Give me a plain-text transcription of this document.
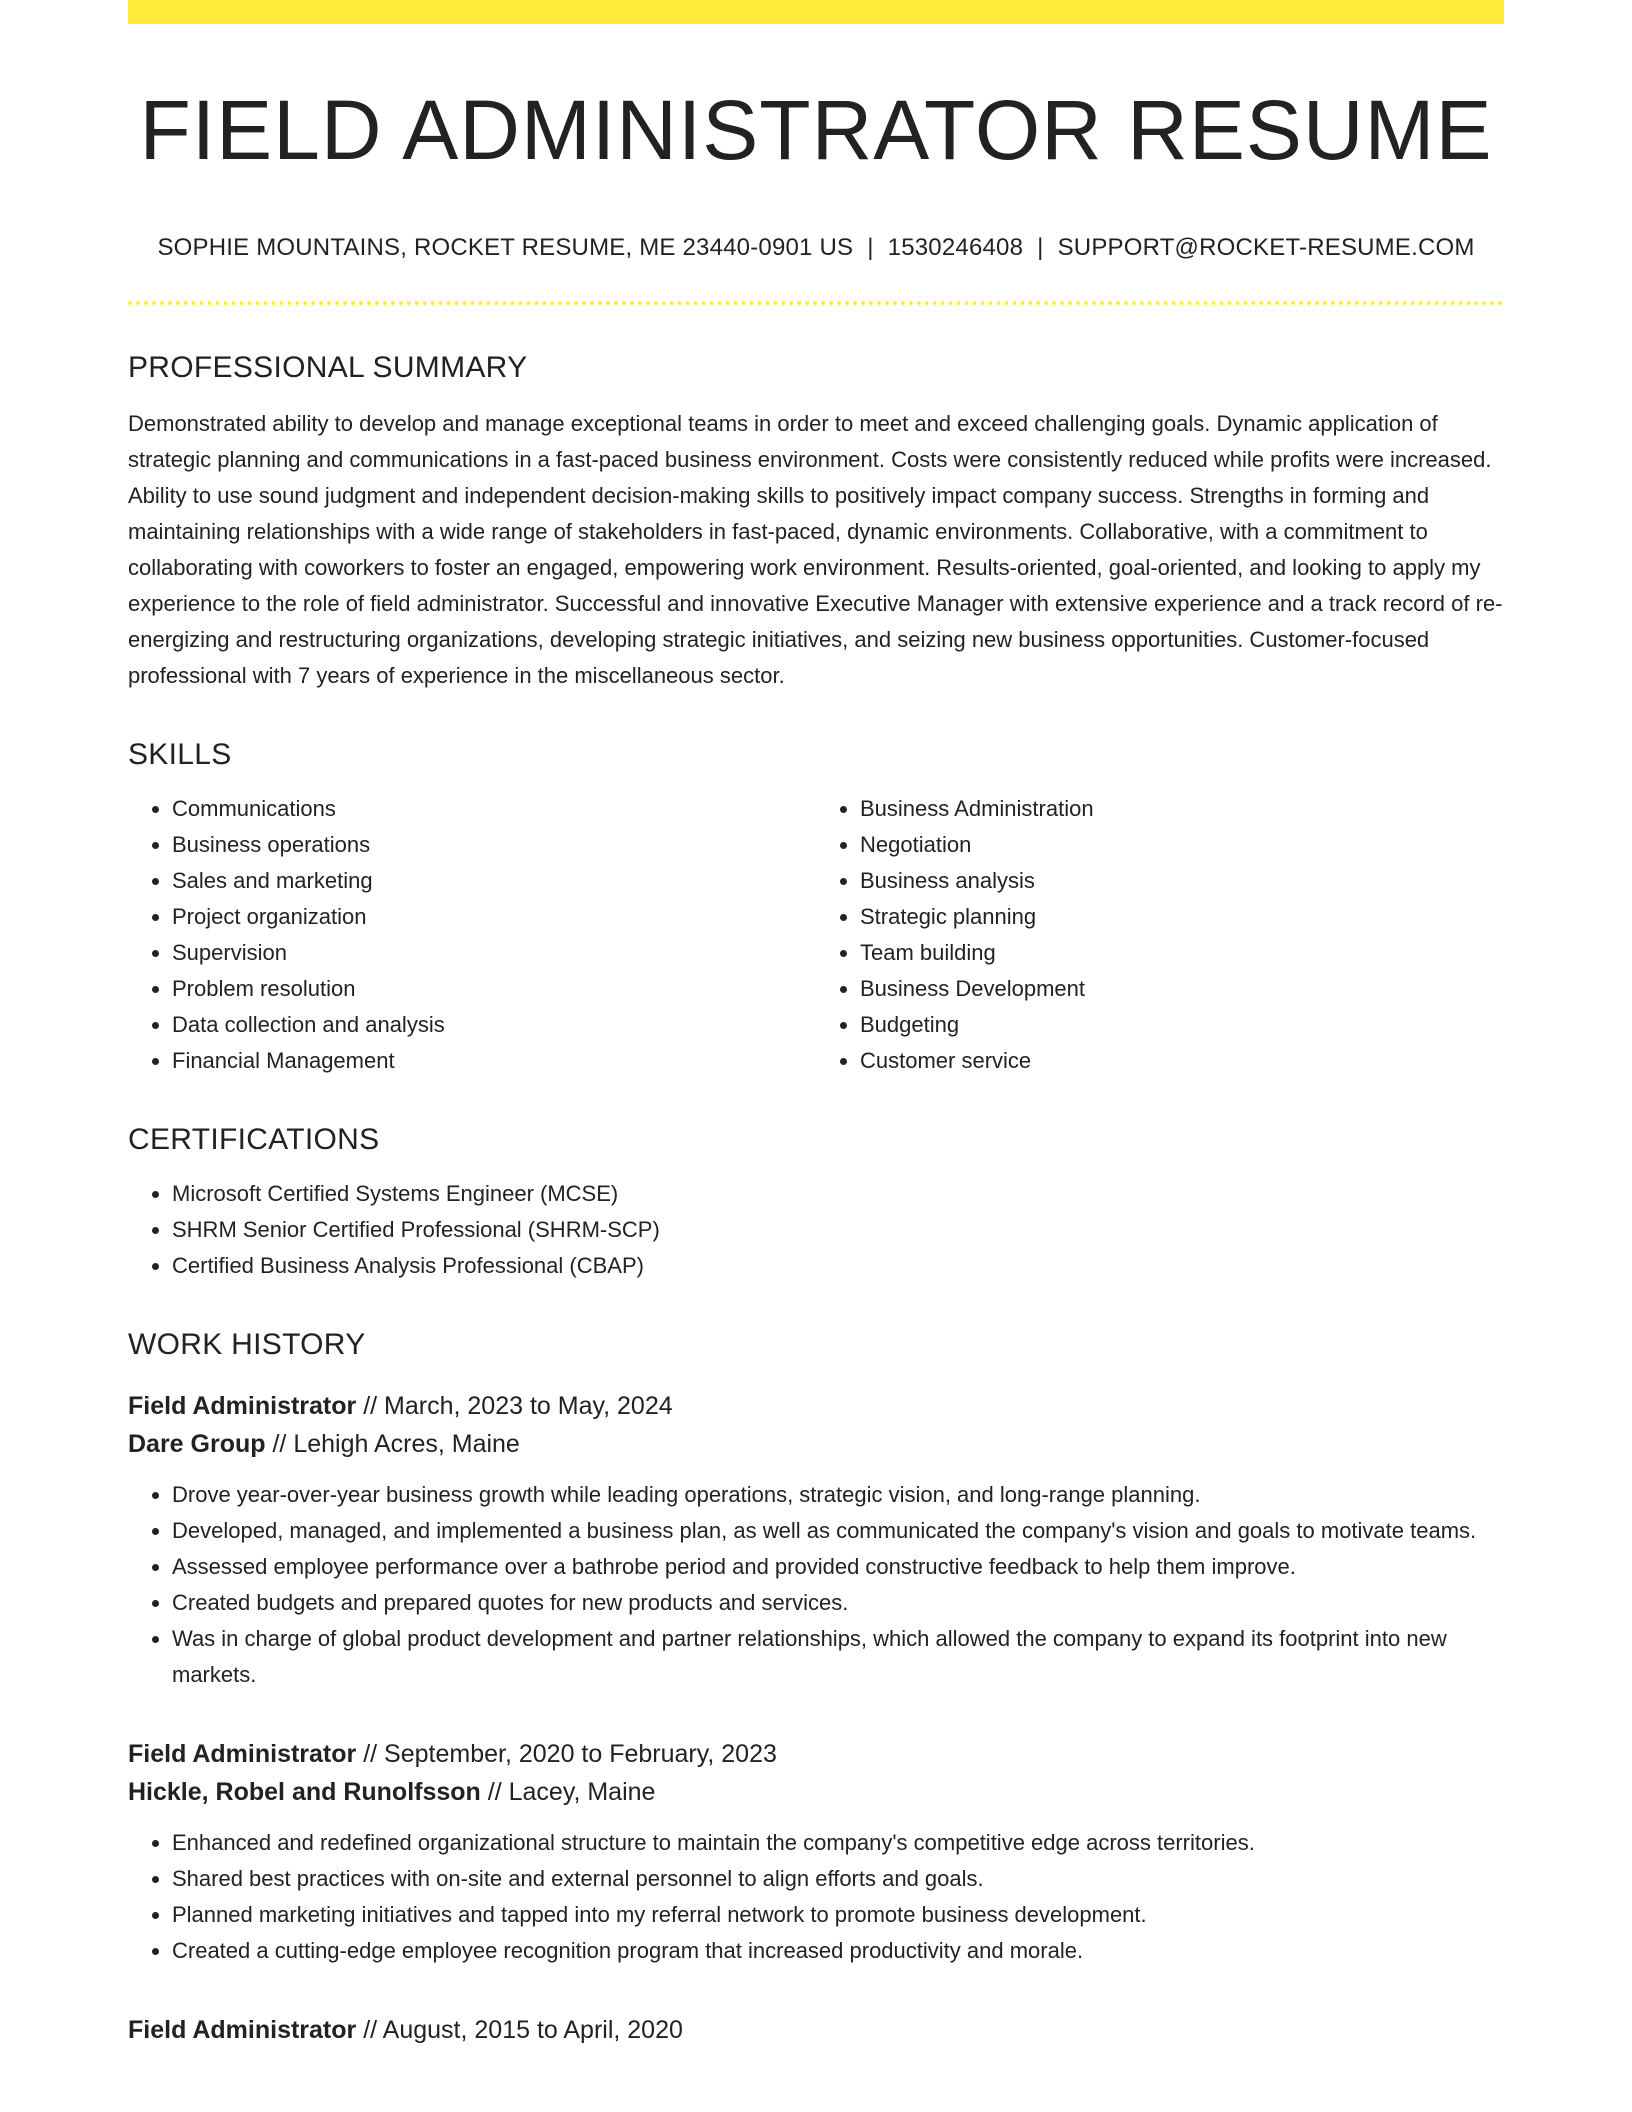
FIELD ADMINISTRATOR RESUME
SOPHIE MOUNTAINS, ROCKET RESUME, ME 23440-0901 US | 1530246408 | SUPPORT@ROCKET-RESUME.COM
PROFESSIONAL SUMMARY

Demonstrated ability to develop and manage exceptional teams in order to meet and exceed challenging goals. Dynamic application of strategic planning and communications in a fast-paced business environment. Costs were consistently reduced while profits were increased. Ability to use sound judgment and independent decision-making skills to positively impact company success. Strengths in forming and maintaining relationships with a wide range of stakeholders in fast-paced, dynamic environments. Collaborative, with a commitment to collaborating with coworkers to foster an engaged, empowering work environment. Results-oriented, goal-oriented, and looking to apply my experience to the role of field administrator. Successful and innovative Executive Manager with extensive experience and a track record of re-energizing and restructuring organizations, developing strategic initiatives, and seizing new business opportunities. Customer-focused professional with 7 years of experience in the miscellaneous sector.

SKILLS
• Communications
• Business operations
• Sales and marketing
• Project organization
• Supervision
• Problem resolution
• Data collection and analysis
• Financial Management
• Business Administration
• Negotiation
• Business analysis
• Strategic planning
• Team building
• Business Development
• Budgeting
• Customer service
CERTIFICATIONS
• Microsoft Certified Systems Engineer (MCSE)
• SHRM Senior Certified Professional (SHRM-SCP)
• Certified Business Analysis Professional (CBAP)
WORK HISTORY
Field Administrator // March, 2023 to May, 2024
Dare Group // Lehigh Acres, Maine
• Drove year-over-year business growth while leading operations, strategic vision, and long-range planning.
• Developed, managed, and implemented a business plan, as well as communicated the company's vision and goals to motivate teams.
• Assessed employee performance over a bathrobe period and provided constructive feedback to help them improve.
• Created budgets and prepared quotes for new products and services.
• Was in charge of global product development and partner relationships, which allowed the company to expand its footprint into new markets.
Field Administrator // September, 2020 to February, 2023
Hickle, Robel and Runolfsson // Lacey, Maine
• Enhanced and redefined organizational structure to maintain the company's competitive edge across territories.
• Shared best practices with on-site and external personnel to align efforts and goals.
• Planned marketing initiatives and tapped into my referral network to promote business development.
• Created a cutting-edge employee recognition program that increased productivity and morale.
Field Administrator // August, 2015 to April, 2020
